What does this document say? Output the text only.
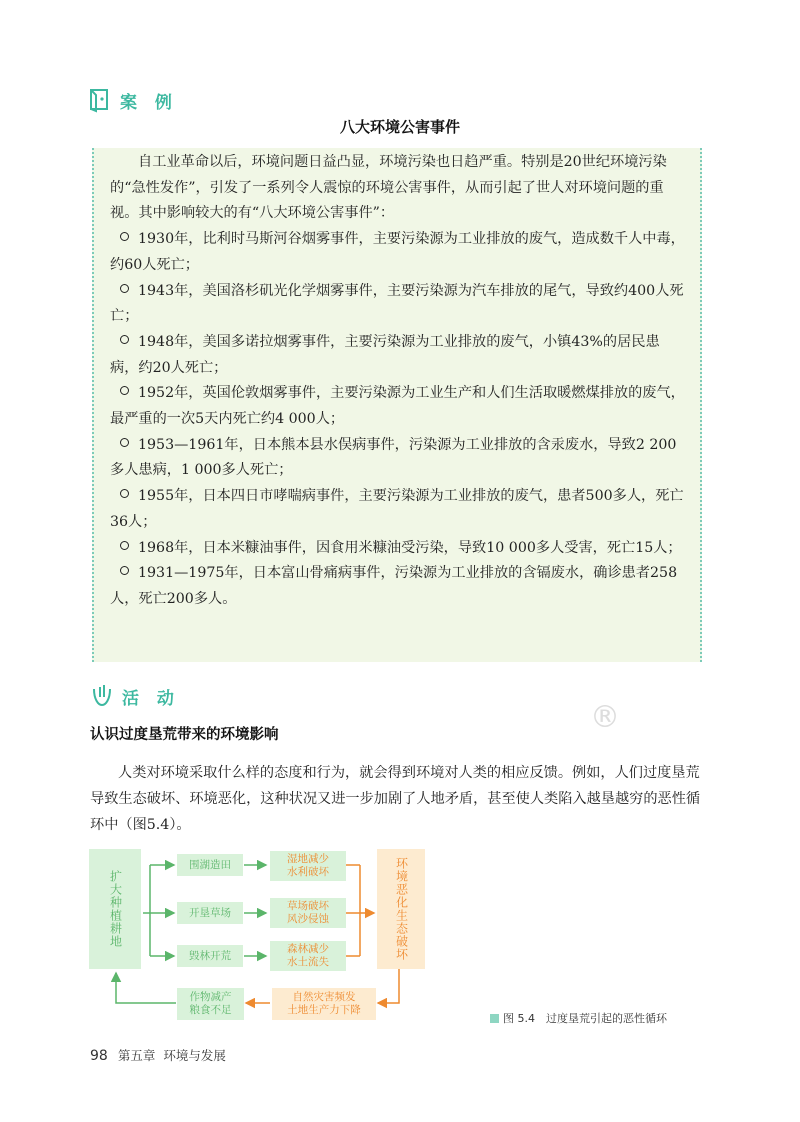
®
案 例
八大环境公害事件

自工业革命以后，环境问题日益凸显，环境污染也日趋严重。特别是20世纪环境污染的“急性发作”，引发了一系列令人震惊的环境公害事件，从而引起了世人对环境问题的重视。其中影响较大的有“八大环境公害事件”：

1930年，比利时马斯河谷烟雾事件，主要污染源为工业排放的废气，造成数千人中毒，约60人死亡；

1943年，美国洛杉矶光化学烟雾事件，主要污染源为汽车排放的尾气，导致约400人死亡；

1948年，美国多诺拉烟雾事件，主要污染源为工业排放的废气，小镇43%的居民患病，约20人死亡；

1952年，英国伦敦烟雾事件，主要污染源为工业生产和人们生活取暖燃煤排放的废气，最严重的一次5天内死亡约4 000人；

1953—1961年，日本熊本县水俣病事件，污染源为工业排放的含汞废水，导致2 200多人患病，1 000多人死亡；

1955年，日本四日市哮喘病事件，主要污染源为工业排放的废气，患者500多人，死亡36人；

1968年，日本米糠油事件，因食用米糠油受污染，导致10 000多人受害，死亡15人；

1931—1975年，日本富山骨痛病事件，污染源为工业排放的含镉废水，确诊患者258人，死亡200多人。

活 动
认识过度垦荒带来的环境影响
人类对环境采取什么样的态度和行为，就会得到环境对人类的相应反馈。例如，人们过度垦荒导致生态破坏、环境恶化，这种状况又进一步加剧了人地矛盾，甚至使人类陷入越垦越穷的恶性循环中（图5.4）。
扩大种植耕地
围湖造田
开垦草场
毁林开荒
湿地减少
水利破坏
草场破坏
风沙侵蚀
森林减少
水土流失
环境恶化生态破坏
自然灾害频发
土地生产力下降
作物减产
粮食不足
图 5.4　过度垦荒引起的恶性循环
98 第五章 环境与发展
